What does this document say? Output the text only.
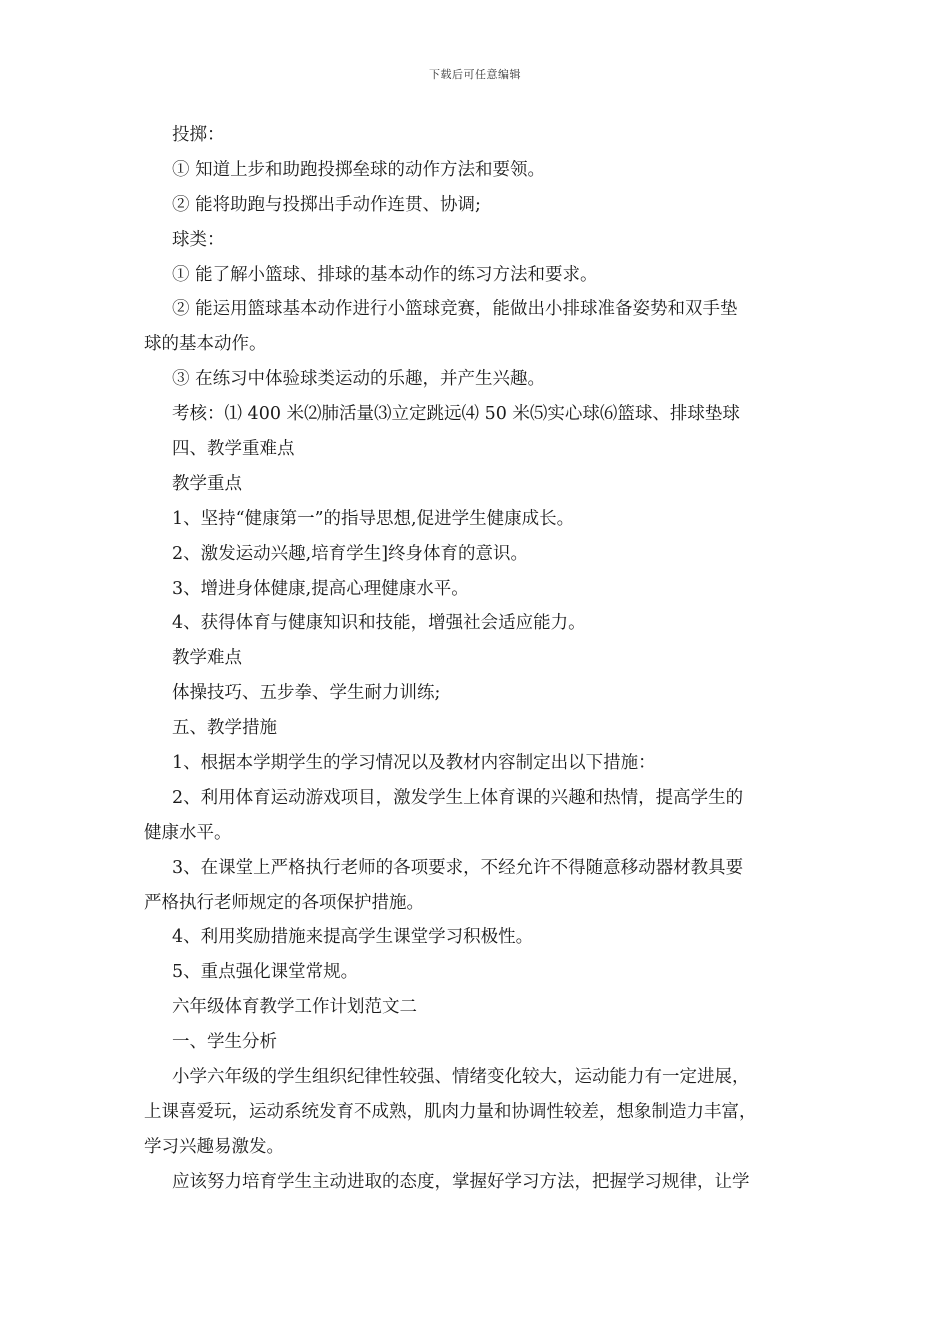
下载后可任意编辑
投掷：
① 知道上步和助跑投掷垒球的动作方法和要领。
② 能将助跑与投掷出手动作连贯、协调;
球类：
① 能了解小篮球、排球的基本动作的练习方法和要求。
② 能运用篮球基本动作进行小篮球竞赛，能做出小排球准备姿势和双手垫
球的基本动作。
③ 在练习中体验球类运动的乐趣，并产生兴趣。
考核：⑴ 400 米⑵肺活量⑶立定跳远⑷ 50 米⑸实心球⑹篮球、排球垫球
四、教学重难点
教学重点
1、坚持“健康第一”的指导思想,促进学生健康成长。
2、激发运动兴趣,培育学生]终身体育的意识。
3、增进身体健康,提高心理健康水平。
4、获得体育与健康知识和技能，增强社会适应能力。
教学难点
体操技巧、五步拳、学生耐力训练;
五、教学措施
1、根据本学期学生的学习情况以及教材内容制定出以下措施：
2、利用体育运动游戏项目，激发学生上体育课的兴趣和热情，提高学生的
健康水平。
3、在课堂上严格执行老师的各项要求，不经允许不得随意移动器材教具要
严格执行老师规定的各项保护措施。
4、利用奖励措施来提高学生课堂学习积极性。
5、重点强化课堂常规。
六年级体育教学工作计划范文二
一、学生分析
小学六年级的学生组织纪律性较强、情绪变化较大，运动能力有一定进展，
上课喜爱玩，运动系统发育不成熟，肌肉力量和协调性较差，想象制造力丰富，
学习兴趣易激发。
应该努力培育学生主动进取的态度，掌握好学习方法，把握学习规律，让学
